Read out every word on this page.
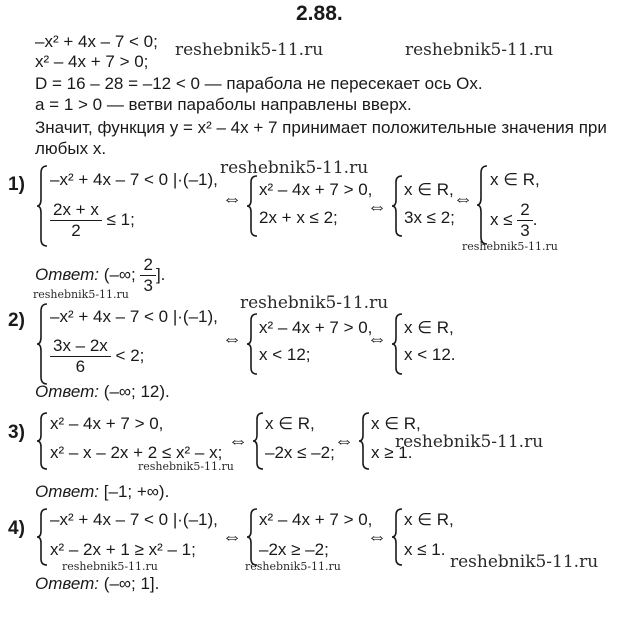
2.88.
–x² + 4x – 7 < 0;
x² – 4x + 7 > 0;
D = 16 – 28 = –12 < 0 — парабола не пересекает ось Ox.
a = 1 > 0 — ветви параболы направлены вверх.
Значит, функция y = x² – 4x + 7 принимает положительные значения при
любых x.
reshebnik5-11.ru	reshebnik5-11.ru
reshebnik5-11.ru
reshebnik5-11.ru
reshebnik5-11.ru	reshebnik5-11.ru
reshebnik5-11.ru
reshebnik5-11.ru
reshebnik5-11.ru
reshebnik5-11.ru	reshebnik5-11.ru
1) –x² + 4x – 7 < 0 |·(–1),
$\frac{2x + x}{2} \le 1$;
⇔ x² – 4x + 7 > 0,
2x + x ≤ 2; ⇔
x ∈ R,
3x ≤ 2;
⇔
x ∈ R,
$x \le \frac{2}{3}$ .
Ответ: (–∞; $\frac{2}{3}$ ].
2) –x² + 4x – 7 < 0 |·(–1),
$\frac{3x - 2x}{6} < 2$;
⇔
x² – 4x + 7 > 0,
x < 12;
⇔
x ∈ R,
x < 12.
Ответ: (–∞; 12).
3) x² – 4x + 7 > 0,
x² – x – 2x + 2 ≤ x² – x;
⇔
x ∈ R,
–2x ≤ –2;
⇔
x ∈ R,
x ≥ 1.
Ответ: [–1; +∞).
4) –x² + 4x – 7 < 0 |·(–1),
x² – 2x + 1 ≥ x² – 1;
⇔
x² – 4x + 7 > 0,
–2x ≥ –2;
⇔
x ∈ R,
x ≤ 1.
Ответ: (–∞; 1].
